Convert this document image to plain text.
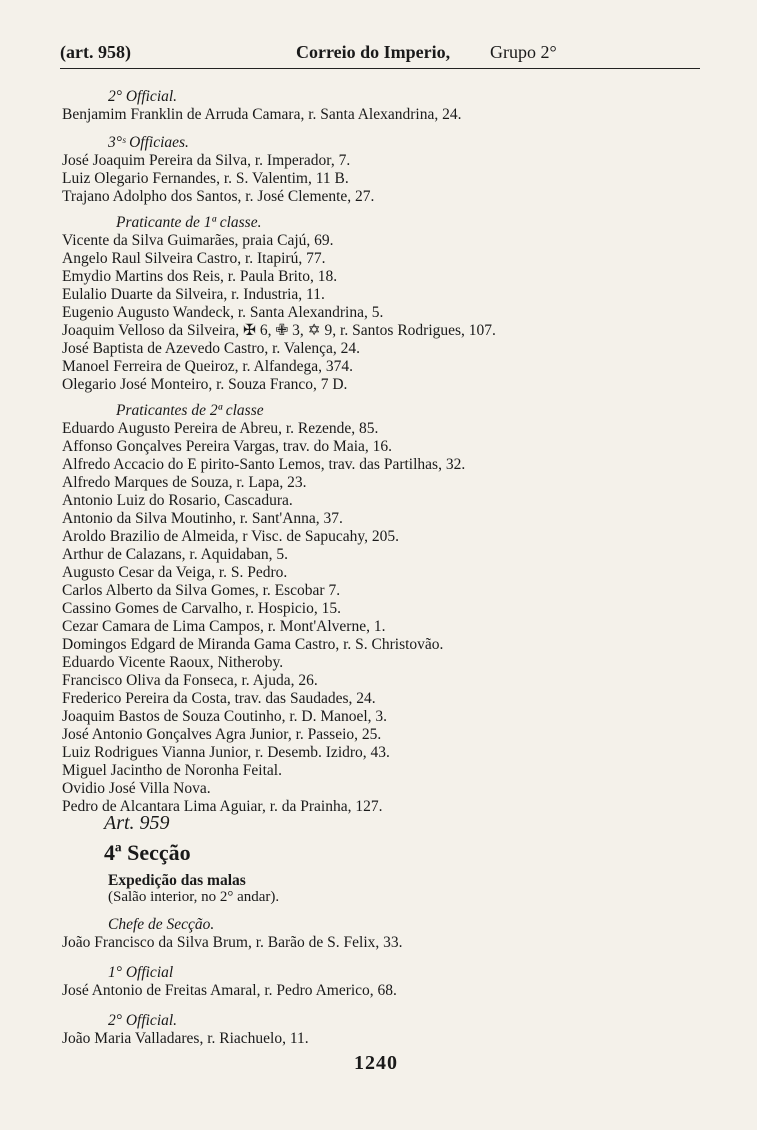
(art. 958)	Correio do Imperio, Grupo 2°
2° Official.
Benjamim Franklin de Arruda Camara, r. Santa Alexandrina, 24.
3°ˢ Officiaes.
José Joaquim Pereira da Silva, r. Imperador, 7.
Luiz Olegario Fernandes, r. S. Valentim, 11 B.
Trajano Adolpho dos Santos, r. José Clemente, 27.
Praticante de 1ª classe.
Vicente da Silva Guimarães, praia Cajú, 69.
Angelo Raul Silveira Castro, r. Itapirú, 77.
Emydio Martins dos Reis, r. Paula Brito, 18.
Eulalio Duarte da Silveira, r. Industria, 11.
Eugenio Augusto Wandeck, r. Santa Alexandrina, 5.
Joaquim Velloso da Silveira, ✠ 6, ✙ 3, ✡ 9, r. Santos Rodrigues, 107.
José Baptista de Azevedo Castro, r. Valença, 24.
Manoel Ferreira de Queiroz, r. Alfandega, 374.
Olegario José Monteiro, r. Souza Franco, 7 D.
Praticantes de 2ª classe
Eduardo Augusto Pereira de Abreu, r. Rezende, 85.
Affonso Gonçalves Pereira Vargas, trav. do Maia, 16.
Alfredo Accacio do E pirito-Santo Lemos, trav. das Partilhas, 32.
Alfredo Marques de Souza, r. Lapa, 23.
Antonio Luiz do Rosario, Cascadura.
Antonio da Silva Moutinho, r. Sant'Anna, 37.
Aroldo Brazilio de Almeida, r Visc. de Sapucahy, 205.
Arthur de Calazans, r. Aquidaban, 5.
Augusto Cesar da Veiga, r. S. Pedro.
Carlos Alberto da Silva Gomes, r. Escobar 7.
Cassino Gomes de Carvalho, r. Hospicio, 15.
Cezar Camara de Lima Campos, r. Mont'Alverne, 1.
Domingos Edgard de Miranda Gama Castro, r. S. Christovão.
Eduardo Vicente Raoux, Nitheroby.
Francisco Oliva da Fonseca, r. Ajuda, 26.
Frederico Pereira da Costa, trav. das Saudades, 24.
Joaquim Bastos de Souza Coutinho, r. D. Manoel, 3.
José Antonio Gonçalves Agra Junior, r. Passeio, 25.
Luiz Rodrigues Vianna Junior, r. Desemb. Izidro, 43.
Miguel Jacintho de Noronha Feital.
Ovidio José Villa Nova.
Pedro de Alcantara Lima Aguiar, r. da Prainha, 127.
Chefe de Secção.
João Francisco da Silva Brum, r. Barão de S. Felix, 33.
1° Official
José Antonio de Freitas Amaral, r. Pedro Americo, 68.
2° Official.
João Maria Valladares, r. Riachuelo, 11.
Art. 959
4ª Secção
Expedição das malas
(Salão interior, no 2° andar).
1240
